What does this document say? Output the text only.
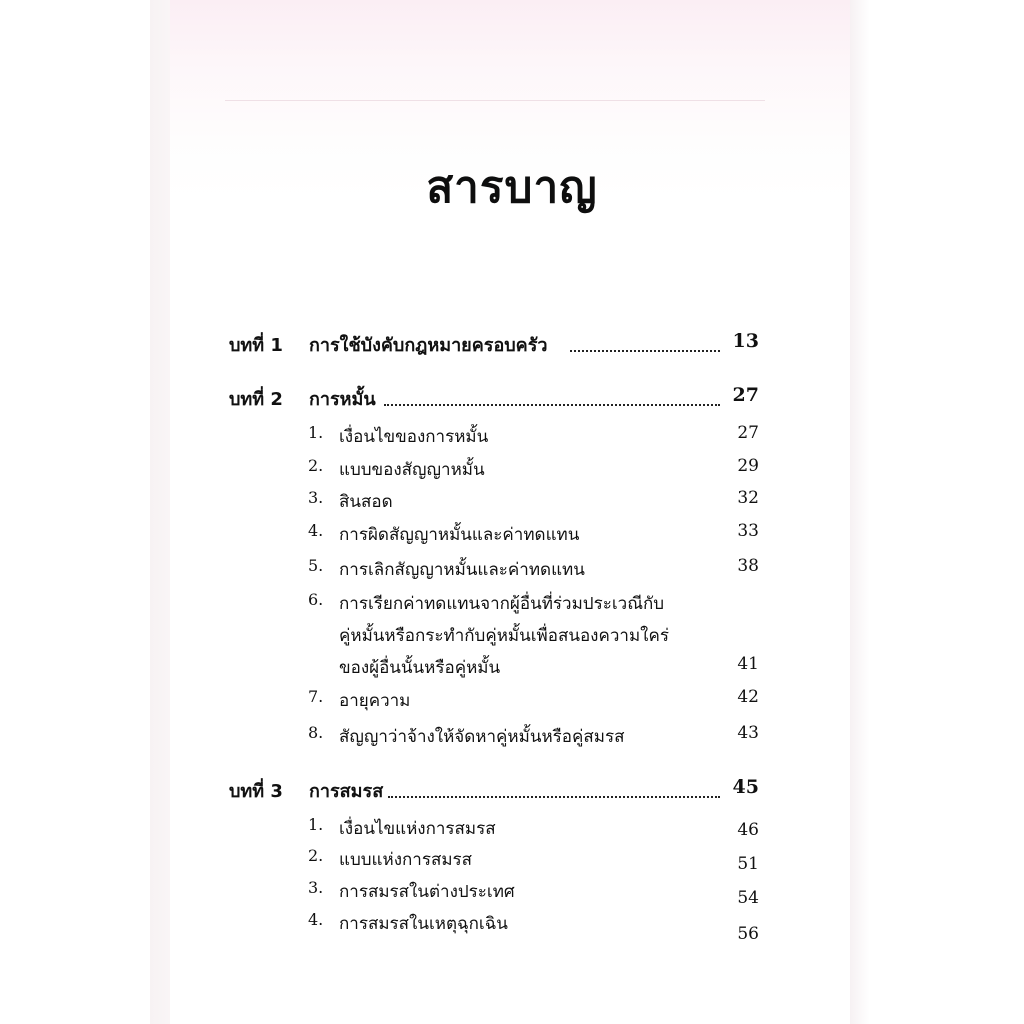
สารบาญ
บทที่ 1 การใช้บังคับกฎหมายครอบครัว	13
บทที่ 2 การหมั้น	27
1. เงื่อนไขของการหมั้น	27
2. แบบของสัญญาหมั้น	29
3. สินสอด	32
4. การผิดสัญญาหมั้นและค่าทดแทน	33
5. การเลิกสัญญาหมั้นและค่าทดแทน	38
6. การเรียกค่าทดแทนจากผู้อื่นที่ร่วมประเวณีกับ
คู่หมั้นหรือกระทำกับคู่หมั้นเพื่อสนองความใคร่
ของผู้อื่นนั้นหรือคู่หมั้น	41
7. อายุความ	42
8. สัญญาว่าจ้างให้จัดหาคู่หมั้นหรือคู่สมรส	43
บทที่ 3 การสมรส	45
1. เงื่อนไขแห่งการสมรส	46
2. แบบแห่งการสมรส	51
3. การสมรสในต่างประเทศ	54
4. การสมรสในเหตุฉุกเฉิน	56
